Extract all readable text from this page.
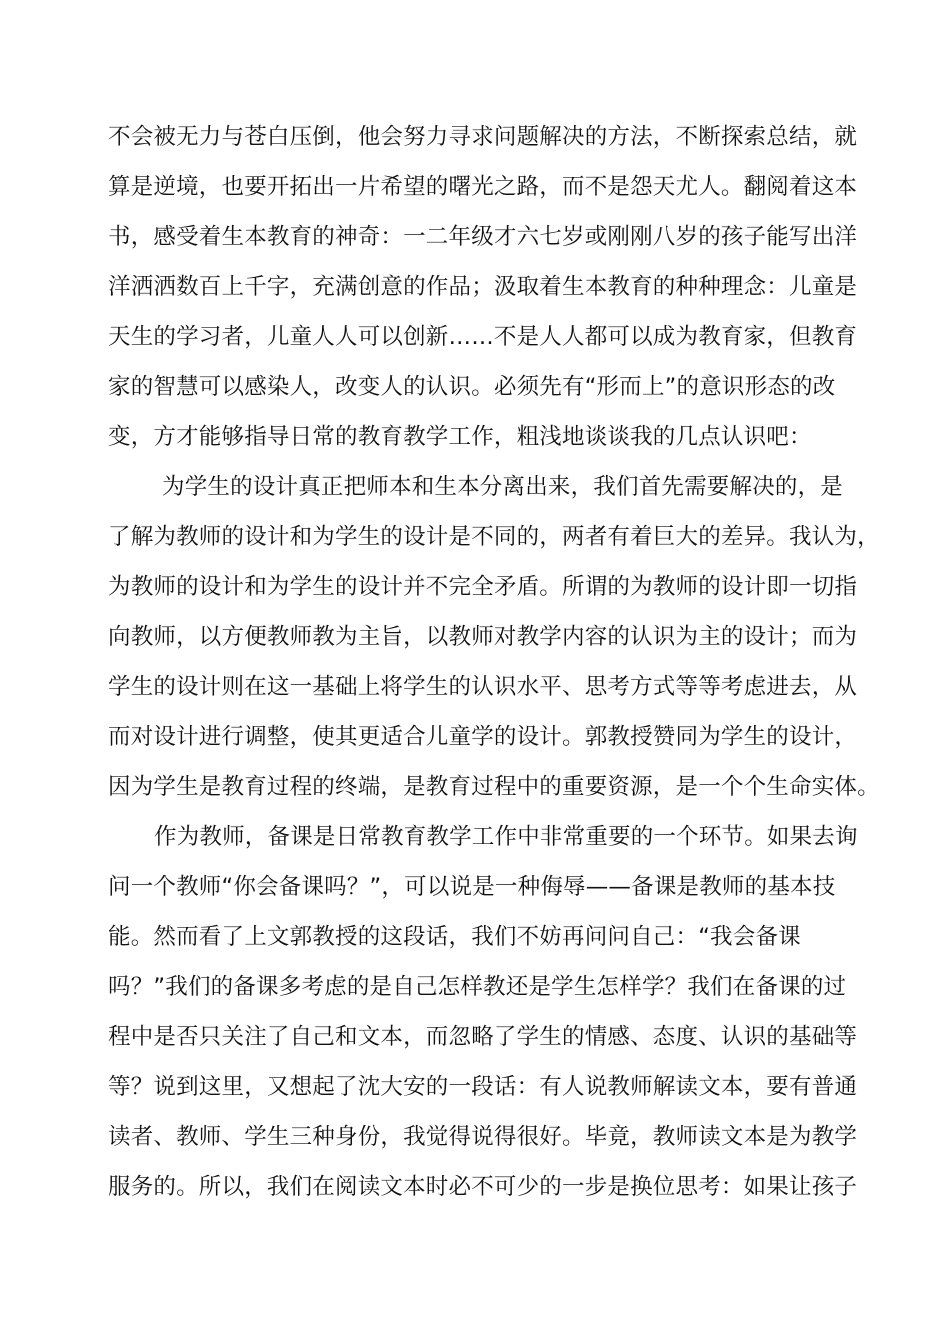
不会被无力与苍白压倒，他会努力寻求问题解决的方法，不断探索总结，就
算是逆境，也要开拓出一片希望的曙光之路，而不是怨天尤人。翻阅着这本
书，感受着生本教育的神奇：一二年级才六七岁或刚刚八岁的孩子能写出洋
洋洒洒数百上千字，充满创意的作品；汲取着生本教育的种种理念：儿童是
天生的学习者，儿童人人可以创新……不是人人都可以成为教育家，但教育
家的智慧可以感染人，改变人的认识。必须先有“形而上”的意识形态的改
变，方才能够指导日常的教育教学工作，粗浅地谈谈我的几点认识吧：
为学生的设计真正把师本和生本分离出来，我们首先需要解决的，是
了解为教师的设计和为学生的设计是不同的，两者有着巨大的差异。我认为，
为教师的设计和为学生的设计并不完全矛盾。所谓的为教师的设计即一切指
向教师，以方便教师教为主旨，以教师对教学内容的认识为主的设计；而为
学生的设计则在这一基础上将学生的认识水平、思考方式等等考虑进去，从
而对设计进行调整，使其更适合儿童学的设计。郭教授赞同为学生的设计，
因为学生是教育过程的终端，是教育过程中的重要资源，是一个个生命实体。
作为教师，备课是日常教育教学工作中非常重要的一个环节。如果去询
问一个教师“你会备课吗？”，可以说是一种侮辱——备课是教师的基本技
能。然而看了上文郭教授的这段话，我们不妨再问问自己：“我会备课
吗？”我们的备课多考虑的是自己怎样教还是学生怎样学？我们在备课的过
程中是否只关注了自己和文本，而忽略了学生的情感、态度、认识的基础等
等？说到这里，又想起了沈大安的一段话：有人说教师解读文本，要有普通
读者、教师、学生三种身份，我觉得说得很好。毕竟，教师读文本是为教学
服务的。所以，我们在阅读文本时必不可少的一步是换位思考：如果让孩子
